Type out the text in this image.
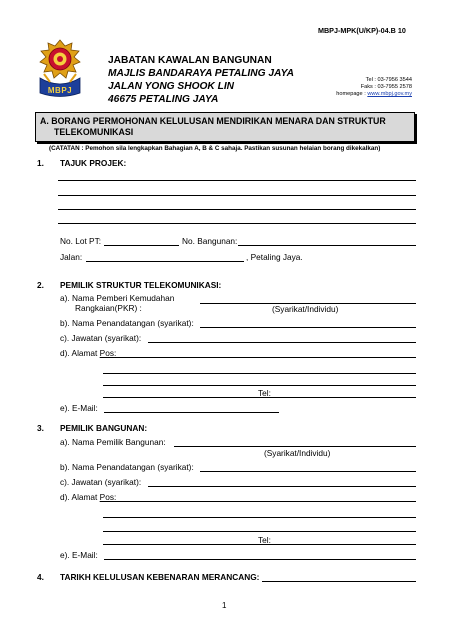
MBPJ-MPK(U/KP)-04.B 10
MBPJ
JABATAN KAWALAN BANGUNAN
MAJLIS BANDARAYA PETALING JAYA
JALAN YONG SHOOK LIN
46675 PETALING JAYA
Tel : 03-7956 3544
Faks : 03-7955 2578
homepage : www.mbpj.gov.my
A. BORANG PERMOHONAN KELULUSAN MENDIRIKAN MENARA DAN STRUKTUR
TELEKOMUNIKASI
(CATATAN : Pemohon sila lengkapkan Bahagian A, B & C sahaja. Pastikan susunan helaian borang dikekalkan)
1. TAJUK PROJEK:
No. Lot PT:	No. Bangunan:
Jalan:	, Petaling Jaya.
2. PEMILIK STRUKTUR TELEKOMUNIKASI:
a). Nama Pemberi Kemudahan
Rangkaian(PKR) :	(Syarikat/Individu)
b). Nama Penandatangan (syarikat):
c). Jawatan (syarikat):
d). Alamat Pos:
Tel:
e). E-Mail:
3. PEMILIK BANGUNAN:
a). Nama Pemilik Bangunan:
(Syarikat/Individu)
b). Nama Penandatangan (syarikat):
c). Jawatan (syarikat):
d). Alamat Pos:
Tel:
e). E-Mail:
4. TARIKH KELULUSAN KEBENARAN MERANCANG:
1
